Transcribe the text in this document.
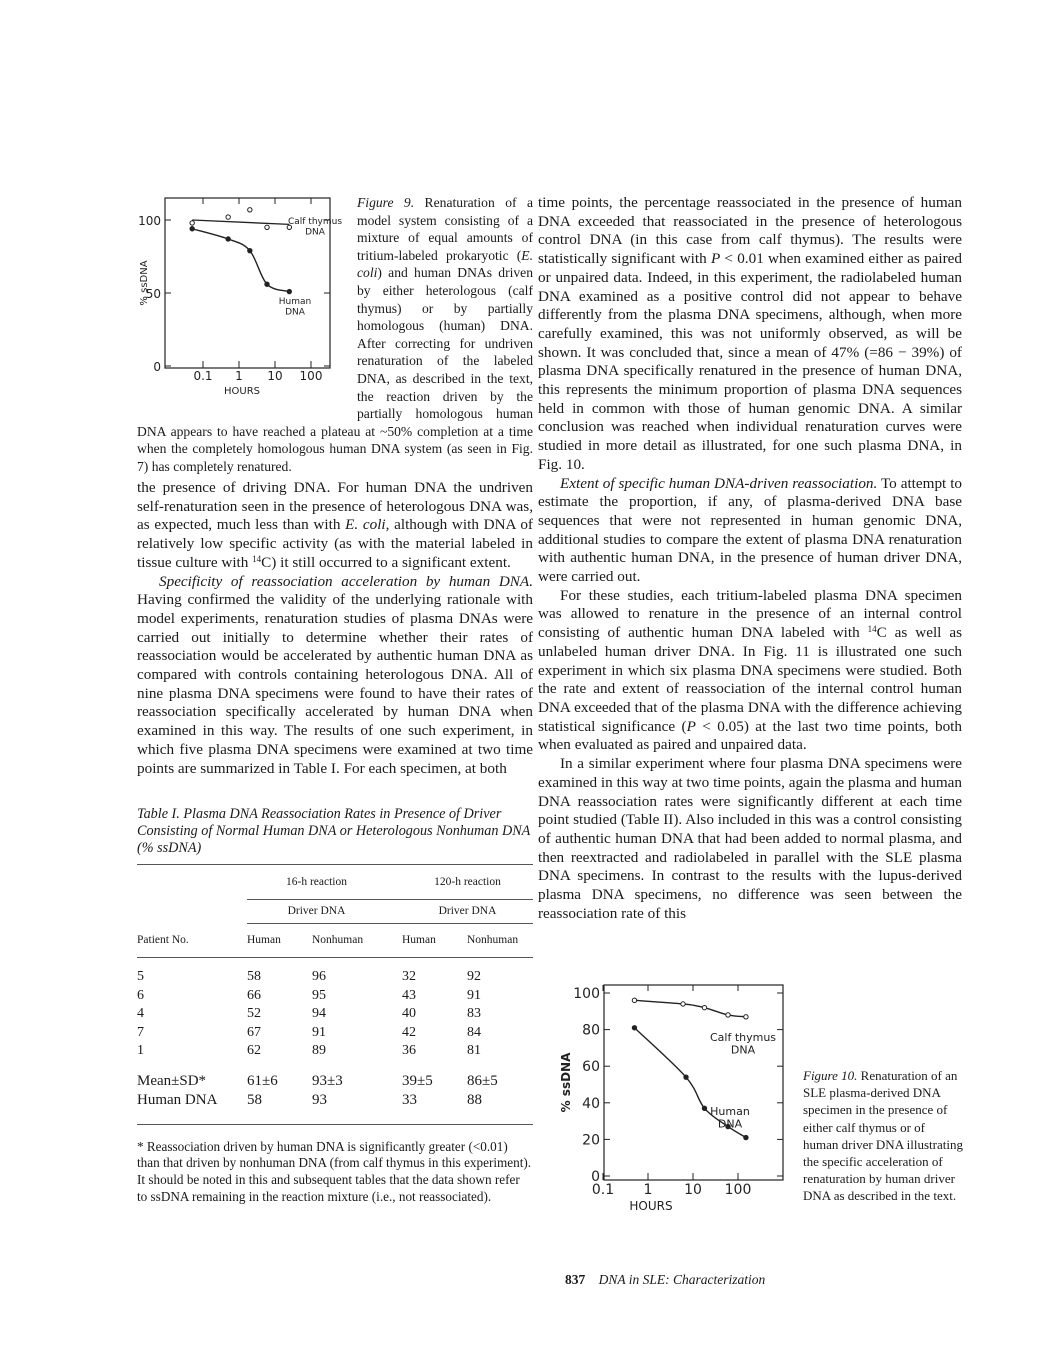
0
50
100
0.1 1 10 100
HOURS
% ssDNA
Calf thymus DNA
Human DNA

Figure 9. Renaturation of a model system consisting of a mixture of equal amounts of tritium-labeled prokaryotic (E. coli) and human DNAs driven by either heterologous (calf thymus) or by partially homologous (human) DNA. After correcting for undriven renaturation of the labeled DNA, as described in the text, the reaction driven by the partially homologous human DNA appears to have reached a plateau at ~50% completion at a time when the completely homologous human DNA system (as seen in Fig. 7) has completely renatured.

the presence of driving DNA. For human DNA the undriven self-renaturation seen in the presence of heterologous DNA was, as expected, much less than with E. coli, although with DNA of relatively low specific activity (as with the material labeled in tissue culture with $^{14}$C) it still occurred to a significant extent.

Specificity of reassociation acceleration by human DNA. Having confirmed the validity of the underlying rationale with model experiments, renaturation studies of plasma DNAs were carried out initially to determine whether their rates of reassociation would be accelerated by authentic human DNA as compared with controls containing heterologous DNA. All of nine plasma DNA specimens were found to have their rates of reassociation specifically accelerated by human DNA when examined in this way. The results of one such experiment, in which five plasma DNA specimens were examined at two time points are summarized in Table I. For each specimen, at both

Table I. Plasma DNA Reassociation Rates in Presence of Driver Consisting of Normal Human DNA or Heterologous Nonhuman DNA (% ssDNA)

	16-h reaction		120-h reaction	
	Driver DNA		Driver DNA	
Patient No.	Human	Nonhuman	Human	Nonhuman

5	58	96	32	92
6	66	95	43	91
4	52	94	40	83
7	67	91	42	84
1	62	89	36	81

Mean±SD*	61±6	93±3	39±5	86±5
Human DNA	58	93	33	88

* Reassociation driven by human DNA is significantly greater (<0.01) than that driven by nonhuman DNA (from calf thymus in this experiment). It should be noted in this and subsequent tables that the data shown refer to ssDNA remaining in the reaction mixture (i.e., not reassociated).

time points, the percentage reassociated in the presence of human DNA exceeded that reassociated in the presence of heterologous control DNA (in this case from calf thymus). The results were statistically significant with P < 0.01 when examined either as paired or unpaired data. Indeed, in this experiment, the radiolabeled human DNA examined as a positive control did not appear to behave differently from the plasma DNA specimens, although, when more carefully examined, this was not uniformly observed, as will be shown. It was concluded that, since a mean of 47% (=86 − 39%) of plasma DNA specifically renatured in the presence of human DNA, this represents the minimum proportion of plasma DNA sequences held in common with those of human genomic DNA. A similar conclusion was reached when individual renaturation curves were studied in more detail as illustrated, for one such plasma DNA, in Fig. 10.

Extent of specific human DNA-driven reassociation. To attempt to estimate the proportion, if any, of plasma-derived DNA base sequences that were not represented in human genomic DNA, additional studies to compare the extent of plasma DNA renaturation with authentic human DNA, in the presence of human driver DNA, were carried out.

For these studies, each tritium-labeled plasma DNA specimen was allowed to renature in the presence of an internal control consisting of authentic human DNA labeled with $^{14}$C as well as unlabeled human driver DNA. In Fig. 11 is illustrated one such experiment in which six plasma DNA specimens were studied. Both the rate and extent of reassociation of the internal control human DNA exceeded that of the plasma DNA with the difference achieving statistical significance (P < 0.05) at the last two time points, both when evaluated as paired and unpaired data.

In a similar experiment where four plasma DNA specimens were examined in this way at two time points, again the plasma and human DNA reassociation rates were significantly different at each time point studied (Table II). Also included in this was a control consisting of authentic human DNA that had been added to normal plasma, and then reextracted and radiolabeled in parallel with the SLE plasma DNA specimens. In contrast to the results with the lupus-derived plasma DNA specimens, no difference was seen between the reassociation rate of this

0
20
40
60
80
100
0.1 1 10 100
HOURS
% ssDNA
Calf thymus DNA
Human DNA

Figure 10. Renaturation of an SLE plasma-derived DNA specimen in the presence of either calf thymus or of human driver DNA illustrating the specific acceleration of renaturation by human driver DNA as described in the text.

837 DNA in SLE: Characterization
